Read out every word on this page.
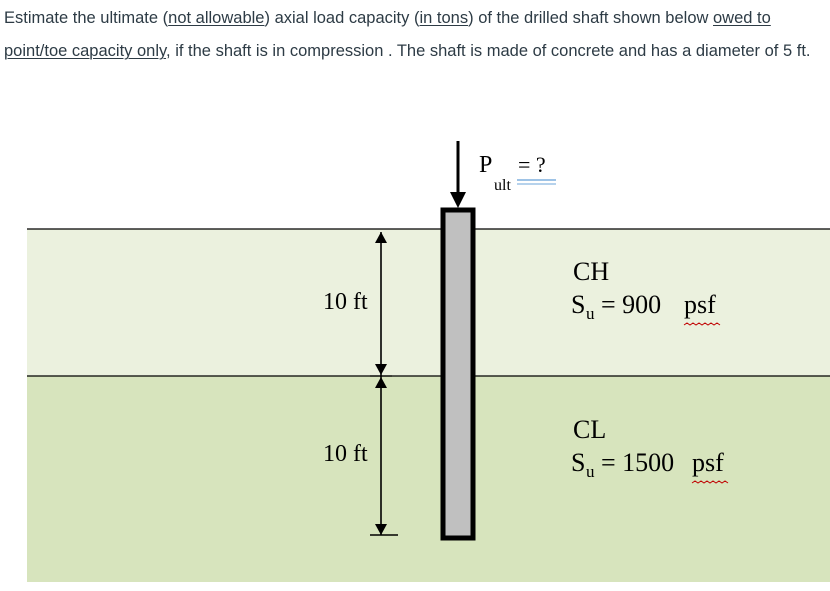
Estimate the ultimate (not allowable) axial load capacity (in tons) of the drilled shaft shown below owed to point/toe capacity only, if the shaft is in compression . The shaft is made of concrete and has a diameter of 5 ft.
P
ult
= ?
10 ft
10 ft
CH
S u = 900 psf
CL
S u = 1500 psf
